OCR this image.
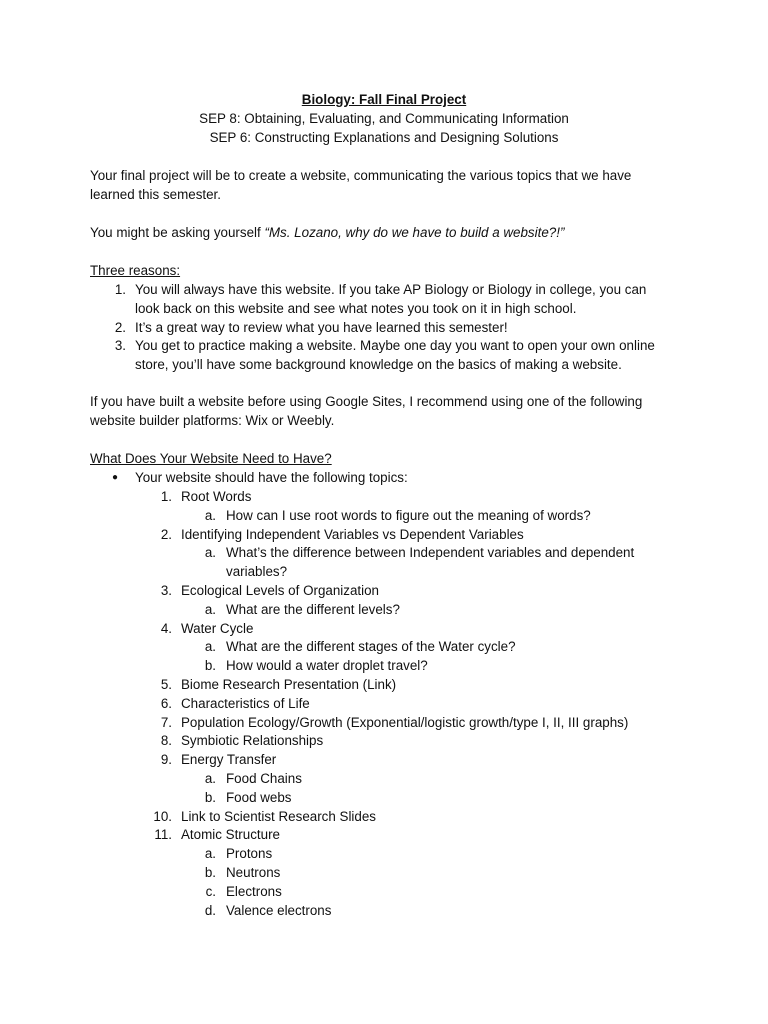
Biology: Fall Final Project
SEP 8: Obtaining, Evaluating, and Communicating Information
SEP 6: Constructing Explanations and Designing Solutions
Your final project will be to create a website, communicating the various topics that we have
learned this semester.
You might be asking yourself “Ms. Lozano, why do we have to build a website?!”
Three reasons:
1. You will always have this website. If you take AP Biology or Biology in college, you can
look back on this website and see what notes you took on it in high school.
2. It’s a great way to review what you have learned this semester!
3. You get to practice making a website. Maybe one day you want to open your own online
store, you’ll have some background knowledge on the basics of making a website.
If you have built a website before using Google Sites, I recommend using one of the following
website builder platforms: Wix or Weebly.
What Does Your Website Need to Have?
● Your website should have the following topics:
1. Root Words
a. How can I use root words to figure out the meaning of words?
2. Identifying Independent Variables vs Dependent Variables
a. What’s the difference between Independent variables and dependent
variables?
3. Ecological Levels of Organization
a. What are the different levels?
4. Water Cycle
a. What are the different stages of the Water cycle?
b. How would a water droplet travel?
5. Biome Research Presentation (Link)
6. Characteristics of Life
7. Population Ecology/Growth (Exponential/logistic growth/type I, II, III graphs)
8. Symbiotic Relationships
9. Energy Transfer
a. Food Chains
b. Food webs
10. Link to Scientist Research Slides
11. Atomic Structure
a. Protons
b. Neutrons
c. Electrons
d. Valence electrons
